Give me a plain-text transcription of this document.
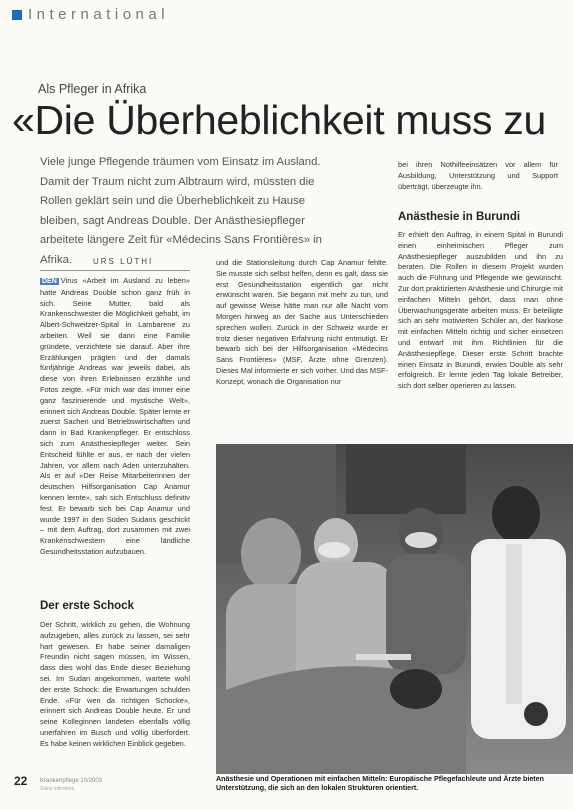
International
Als Pfleger in Afrika
«Die Überheblichkeit muss zu

Viele junge Pflegende träumen vom Einsatz im Ausland. Damit der Traum nicht zum Albtraum wird, müssten die Rollen geklärt sein und die Überheblichkeit zu Hause bleiben, sagt Andreas Double. Der Anästhesiepfleger arbeitete längere Zeit für «Médecins Sans Frontières» in Afrika.	URS LÜTHI

DEN Virus «Arbeit im Ausland zu leben» hatte Andreas Double schon ganz früh in sich. Seine Mutter, bald als Krankenschwester die Möglichkeit gehabt, im Albert-Schweitzer-Spital in Lambarene zu arbeiten. Weil sie dann eine Familie gründete, verzichtete sie darauf. Aber ihre Erzählungen prägten und der damals fünfjährige Andreas war jeweils dabei, als diese von ihren Erlebnissen erzählte und Fotos zeigte. «Für mich war das immer eine ganz faszinierende und mystische Welt», erinnert sich Andreas Double. Später lernte er zuerst Sachen und Betriebswirtschaften und dann in Bad Krankenpfleger. Er entschloss sich zum Anästhesiepfleger weiter. Sein Entscheid fühlte er aus, er nach der vielen Jahren, vor allem nach Aden unterzuhalten. Als er auf «Der Reise Mitarbeiterinnen der deutschen Hilfsorganisation Cap Anamur kennen lernte», sah sich Entschluss definitiv fest. Er bewarb sich bei Cap Anamur und wurde 1997 in den Süden Sudans geschickt – mit dem Auftrag, dort zusammen mit zwei Krankenschwestern eine ländliche Gesundheitsstation aufzubauen.

Der erste Schock

Der Schritt, wirklich zu gehen, die Wohnung aufzugeben, alles zurück zu lassen, sei sehr hart gewesen. Er habe seiner damaligen Freundin nicht sagen müssen, im Wissen, dass dies wohl das Ende dieser Beziehung sei. Im Sudan angekommen, wartete wohl der erste Schock: die Erwartungen schulden Ende. «Für wen da richtigen Schocke», erinnert sich Andreas Double heute. Er und seine Kolleginnen landeten ebenfalls völlig unerfahren im Busch und völlig überfordert. Es habe keinen wirklichen Einblick gegeben.

und die Stationsleitung durch Cap Anamur fehlte. Sie musste sich selbst helfen, denn es galt, dass sie erst Gesundheitsstation eigentlich gar nicht erwünscht waren. Sie begann mit mehr zu tun, und auf gewisse Weise hätte man nur alle Nacht vom Morgen hinweg an der Sache aus Unterschieden sprechen wollen. Zurück in der Schweiz wurde er trotz dieser negativen Erfahrung nicht entmutigt. Er bewarb sich bei der Hilfsorganisation «Médecins Sans Frontières» (MSF, Ärzte ohne Grenzen). Dieses Mal informierte er sich vorher. Und das MSF-Konzept, wonach die Organisation nur

bei ihren Nothilfeeinsätzen vor allem für Ausbildung, Unterstützung und Support überträgt, überzeugte ihn.

Anästhesie in Burundi

Er erhielt den Auftrag, in einem Spital in Burundi einen einheimischen Pfleger zum Anästhesiepfleger auszubilden und ihn zu beraten. Die Rollen in diesem Projekt wurden auch die Führung und Pflegende wie gewünscht. Zur dort praktizierten Anästhesie und Chirurgie mit einfachen Mitteln gehört, dass man ohne Überwachungsgeräte arbeiten muss. Er beteiligte sich an sehr motivierten Schüler an, der Narkose mit einfachen Mitteln richtig und sicher einsetzen und entwarf mit ihm Richtlinien für die Anästhesiepflege. Dieser erste Schritt brachte einen Einsatz in Burundi, erwies Double als sehr erfolgreich. Er lernte jeden Tag lokale Betreiber, sich dort selber operieren zu lassen.

Anästhesie und Operationen mit einfachen Mitteln: Europäische Pflegefachleute und Ärzte bieten Unterstützung, die sich an den lokalen Strukturen orientiert.

22 Krankenpflege 10/2003
Soins infirmiers
